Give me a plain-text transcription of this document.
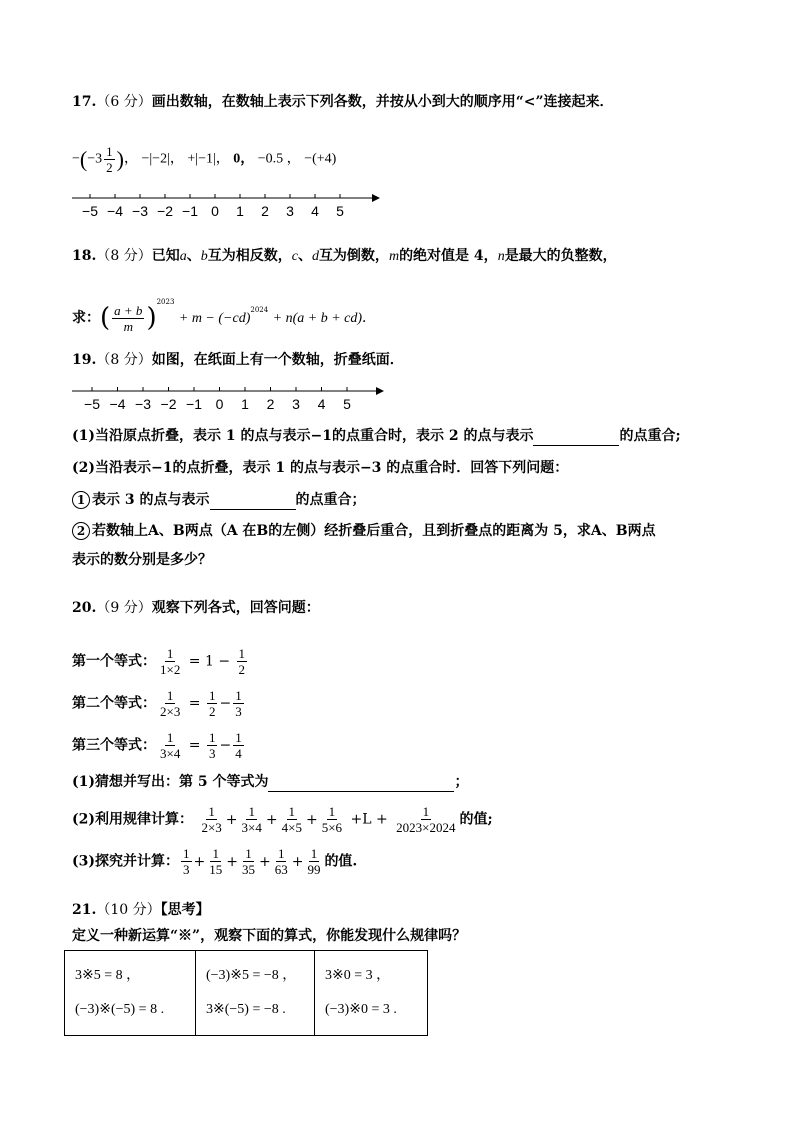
17.（6 分）画出数轴，在数轴上表示下列各数，并按从小到大的顺序用“<”连接起来．
$-(-3 \frac{1}{2}$ )， −|−2|， +|−1|， 0， −0.5 ， −(+4)
−5 −4 −3 −2 −1 0 1 2 3 4 5
18.（8 分）已知a、b互为相反数，c、d互为倒数，m的绝对值是 4，n是最大的负整数，
求：( $\frac{a + b}{m} )^{2023} + m - (-cd)^{2024} + n(a + b + cd)$．
19.（8 分）如图，在纸面上有一个数轴，折叠纸面．
−5 −4 −3 −2 −1 0 1 2 3 4 5
(1)当沿原点折叠，表示 1 的点与表示−1的点重合时，表示 2 的点与表示	的点重合;
(2)当沿表示−1的点折叠，表示 1 的点与表示−3 的点重合时．回答下列问题：
1 表示 3 的点与表示	的点重合；
2 若数轴上A、B两点（A 在B的左侧）经折叠后重合，且到折叠点的距离为 5，求A、B两点
表示的数分别是多少？
20.（9 分）观察下列各式，回答问题：
第一个等式： $\frac{1}{1\times 2} = 1 - \frac{1}{2}$
第二个等式： $\frac{1}{2\times 3} = \frac{1}{2} - \frac{1}{3}$
第三个等式： $\frac{1}{3\times 4} = \frac{1}{3} - \frac{1}{4}$
(1)猜想并写出：第 5 个等式为	；
(2)利用规律计算： $\frac{1}{2\times 3} + \frac{1}{3\times 4} + \frac{1}{4\times 5} + \frac{1}{5\times 6} +L + \frac{1}{2023\times 2024}$ 的值;
(3)探究并计算： $\frac{1}{3} + \frac{1}{15} + \frac{1}{35} + \frac{1}{63} + \frac{1}{99}$ 的值.
21.（10 分）【思考】
定义一种新运算“※”，观察下面的算式，你能发现什么规律吗？
3※5 = 8 ，
(−3)※(−5) = 8 .

(−3)※5 = −8 ，
3※(−5) = −8 .

3※0 = 3 ，
(−3)※0 = 3 .
